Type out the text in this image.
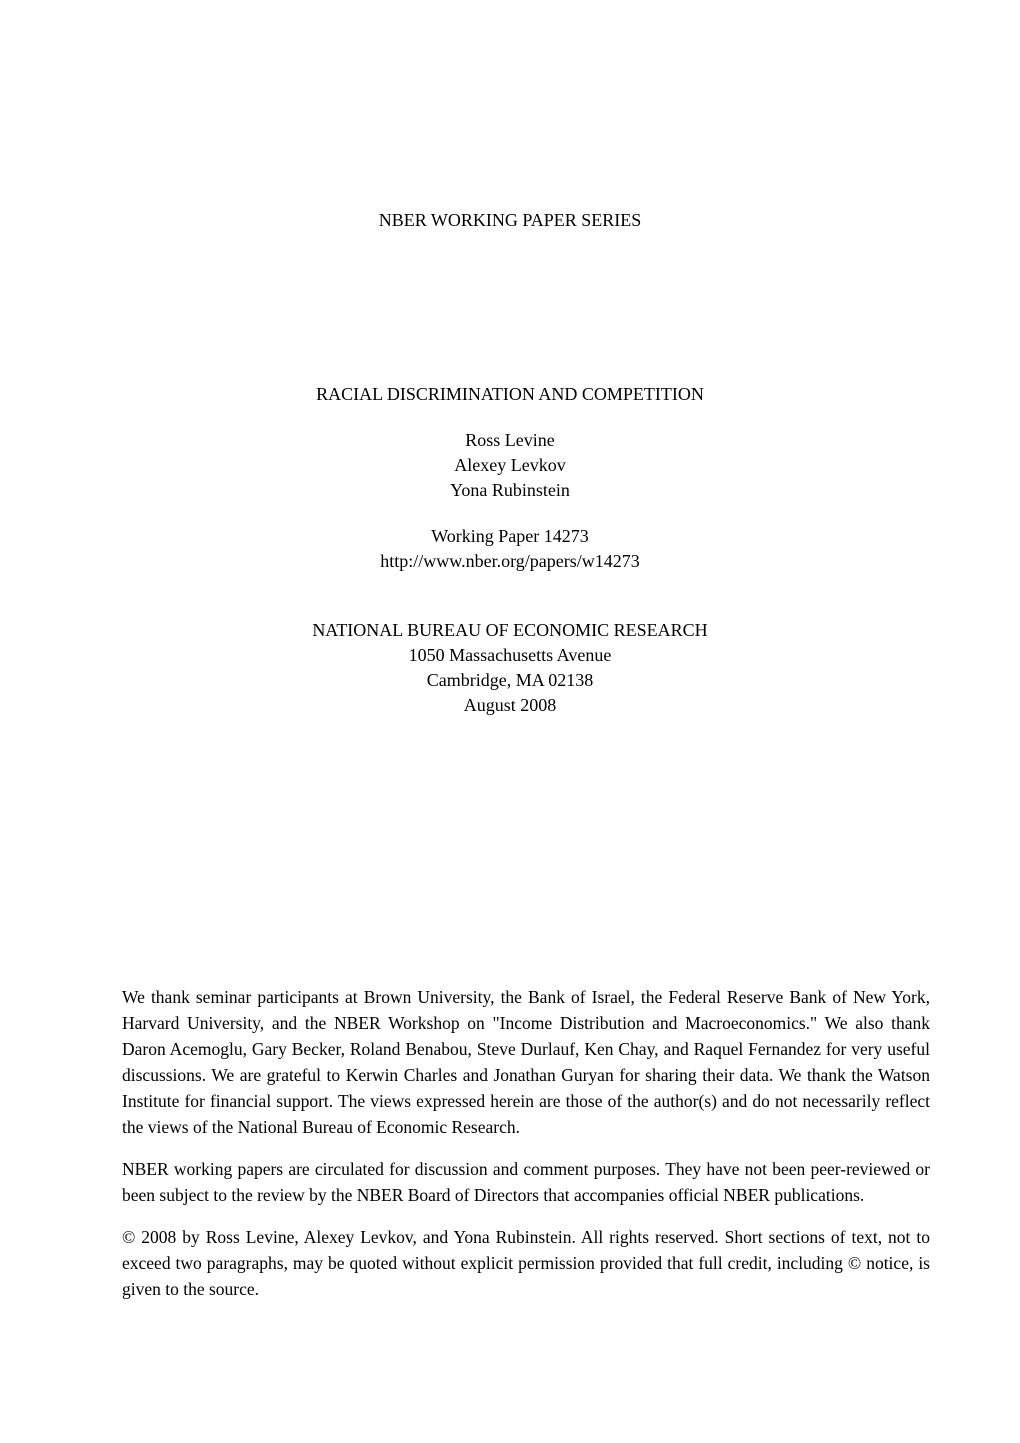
NBER WORKING PAPER SERIES
RACIAL DISCRIMINATION AND COMPETITION
Ross Levine
Alexey Levkov
Yona Rubinstein
Working Paper 14273
http://www.nber.org/papers/w14273
NATIONAL BUREAU OF ECONOMIC RESEARCH
1050 Massachusetts Avenue
Cambridge, MA 02138
August 2008

We thank seminar participants at Brown University, the Bank of Israel, the Federal Reserve Bank of New York, Harvard University, and the NBER Workshop on "Income Distribution and Macroeconomics." We also thank Daron Acemoglu, Gary Becker, Roland Benabou, Steve Durlauf, Ken Chay, and Raquel Fernandez for very useful discussions. We are grateful to Kerwin Charles and Jonathan Guryan for sharing their data. We thank the Watson Institute for financial support. The views expressed herein are those of the author(s) and do not necessarily reflect the views of the National Bureau of Economic Research.

NBER working papers are circulated for discussion and comment purposes. They have not been peer-reviewed or been subject to the review by the NBER Board of Directors that accompanies official NBER publications.

© 2008 by Ross Levine, Alexey Levkov, and Yona Rubinstein. All rights reserved. Short sections of text, not to exceed two paragraphs, may be quoted without explicit permission provided that full credit, including © notice, is given to the source.
